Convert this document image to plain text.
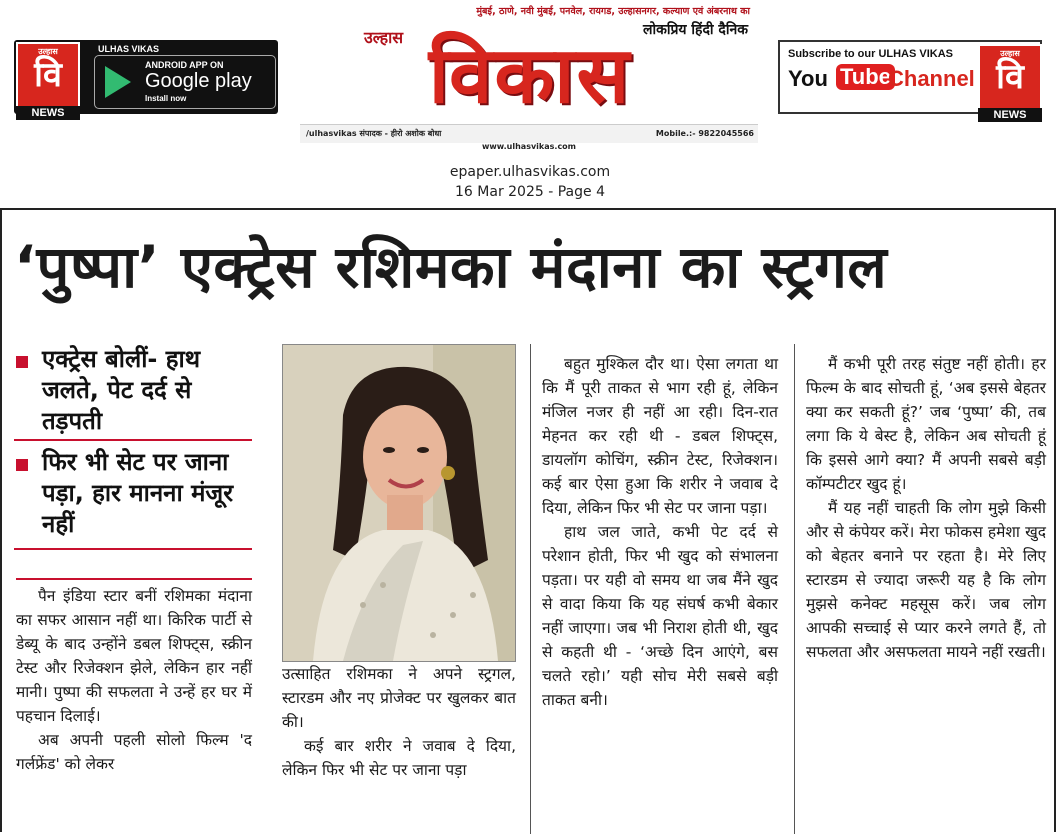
उल्हास
वि
NEWS
ULHAS VIKAS
ANDROID APP ON
Google play
Install now
मुंबई, ठाणे, नवी मुंबई, पनवेल, रायगड, उल्हासनगर, कल्याण एवं अंबरनाथ का
लोकप्रिय हिंदी दैनिक
विकास
उल्हास
/ulhasvikas संपादक - हीरो अशोक बोधा	Mobile.:- 9822045566
www.ulhasvikas.com
Subscribe to our ULHAS VIKAS
You Tube
Channel
उल्हास
वि
NEWS
epaper.ulhasvikas.com
16 Mar 2025 - Page 4
‘पुष्पा’ एक्ट्रेस रशिमका मंदाना का स्ट्रगल
एक्ट्रेस बोलीं- हाथ जलते, पेट दर्द से तड़पती
फिर भी सेट पर जाना पड़ा, हार मानना मंजूर नहीं

पैन इंडिया स्टार बनीं रशिमका मंदाना का सफर आसान नहीं था। किरिक पार्टी से डेब्यू के बाद उन्होंने डबल शिफ्ट्स, स्क्रीन टेस्ट और रिजेक्शन झेले, लेकिन हार नहीं मानी। पुष्पा की सफलता ने उन्हें हर घर में पहचान दिलाई।

अब अपनी पहली सोलो फिल्म 'द गर्लफ्रेंड' को लेकर

उत्साहित रशिमका ने अपने स्ट्रगल, स्टारडम और नए प्रोजेक्ट पर खुलकर बात की।

कई बार शरीर ने जवाब दे दिया, लेकिन फिर भी सेट पर जाना पड़ा

बहुत मुश्किल दौर था। ऐसा लगता था कि मैं पूरी ताकत से भाग रही हूं, लेकिन मंजिल नजर ही नहीं आ रही। दिन-रात मेहनत कर रही थी - डबल शिफ्ट्स, डायलॉग कोचिंग, स्क्रीन टेस्ट, रिजेक्शन। कई बार ऐसा हुआ कि शरीर ने जवाब दे दिया, लेकिन फिर भी सेट पर जाना पड़ा।

हाथ जल जाते, कभी पेट दर्द से परेशान होती, फिर भी खुद को संभालना पड़ता। पर यही वो समय था जब मैंने खुद से वादा किया कि यह संघर्ष कभी बेकार नहीं जाएगा। जब भी निराश होती थी, खुद से कहती थी - ‘अच्छे दिन आएंगे, बस चलते रहो।’ यही सोच मेरी सबसे बड़ी ताकत बनी।

मैं कभी पूरी तरह संतुष्ट नहीं होती। हर फिल्म के बाद सोचती हूं, ‘अब इससे बेहतर क्या कर सकती हूं?’ जब ‘पुष्पा’ की, तब लगा कि ये बेस्ट है, लेकिन अब सोचती हूं कि इससे आगे क्या? मैं अपनी सबसे बड़ी कॉम्पटीटर खुद हूं।

मैं यह नहीं चाहती कि लोग मुझे किसी और से कंपेयर करें। मेरा फोकस हमेशा खुद को बेहतर बनाने पर रहता है। मेरे लिए स्टारडम से ज्यादा जरूरी यह है कि लोग मुझसे कनेक्ट महसूस करें। जब लोग आपकी सच्चाई से प्यार करने लगते हैं, तो सफलता और असफलता मायने नहीं रखती।
